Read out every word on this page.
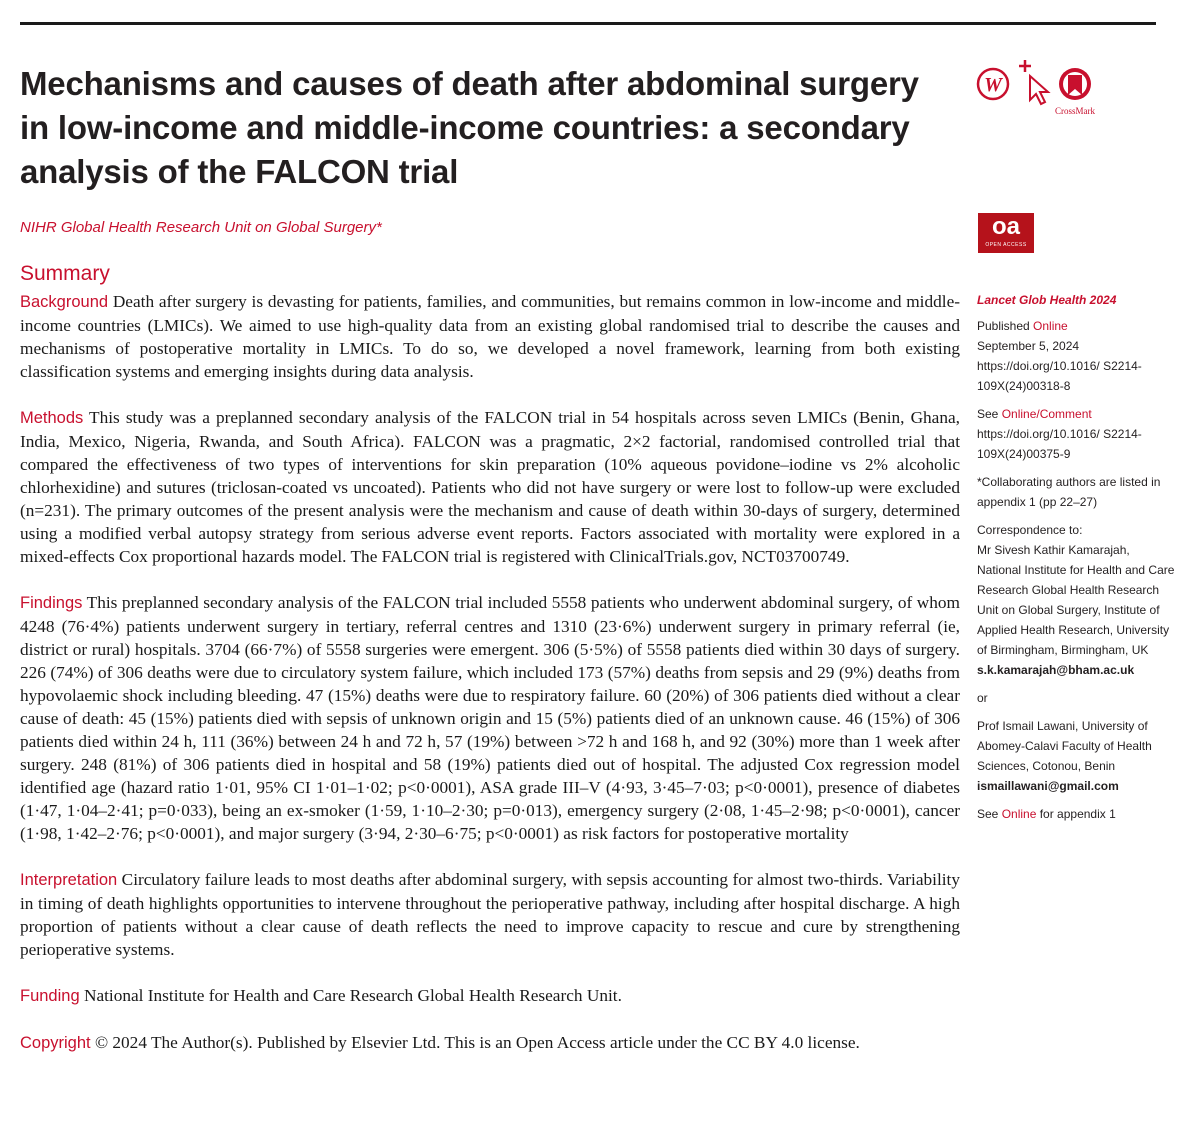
Mechanisms and causes of death after abdominal surgery in low-income and middle-income countries: a secondary analysis of the FALCON trial
NIHR Global Health Research Unit on Global Surgery*
W
CrossMark
oa
OPEN ACCESS
Summary

Background Death after surgery is devasting for patients, families, and communities, but remains common in low-income and middle-income countries (LMICs). We aimed to use high-quality data from an existing global randomised trial to describe the causes and mechanisms of postoperative mortality in LMICs. To do so, we developed a novel framework, learning from both existing classification systems and emerging insights during data analysis.

Methods This study was a preplanned secondary analysis of the FALCON trial in 54 hospitals across seven LMICs (Benin, Ghana, India, Mexico, Nigeria, Rwanda, and South Africa). FALCON was a pragmatic, 2×2 factorial, randomised controlled trial that compared the effectiveness of two types of interventions for skin preparation (10% aqueous povidone–iodine vs 2% alcoholic chlorhexidine) and sutures (triclosan-coated vs uncoated). Patients who did not have surgery or were lost to follow-up were excluded (n=231). The primary outcomes of the present analysis were the mechanism and cause of death within 30-days of surgery, determined using a modified verbal autopsy strategy from serious adverse event reports. Factors associated with mortality were explored in a mixed-effects Cox proportional hazards model. The FALCON trial is registered with ClinicalTrials.gov, NCT03700749.

Findings This preplanned secondary analysis of the FALCON trial included 5558 patients who underwent abdominal surgery, of whom 4248 (76·4%) patients underwent surgery in tertiary, referral centres and 1310 (23·6%) underwent surgery in primary referral (ie, district or rural) hospitals. 3704 (66·7%) of 5558 surgeries were emergent. 306 (5·5%) of 5558 patients died within 30 days of surgery. 226 (74%) of 306 deaths were due to circulatory system failure, which included 173 (57%) deaths from sepsis and 29 (9%) deaths from hypovolaemic shock including bleeding. 47 (15%) deaths were due to respiratory failure. 60 (20%) of 306 patients died without a clear cause of death: 45 (15%) patients died with sepsis of unknown origin and 15 (5%) patients died of an unknown cause. 46 (15%) of 306 patients died within 24 h, 111 (36%) between 24 h and 72 h, 57 (19%) between >72 h and 168 h, and 92 (30%) more than 1 week after surgery. 248 (81%) of 306 patients died in hospital and 58 (19%) patients died out of hospital. The adjusted Cox regression model identified age (hazard ratio 1·01, 95% CI 1·01–1·02; p<0·0001), ASA grade III–V (4·93, 3·45–7·03; p<0·0001), presence of diabetes (1·47, 1·04–2·41; p=0·033), being an ex-smoker (1·59, 1·10–2·30; p=0·013), emergency surgery (2·08, 1·45–2·98; p<0·0001), cancer (1·98, 1·42–2·76; p<0·0001), and major surgery (3·94, 2·30–6·75; p<0·0001) as risk factors for postoperative mortality

Interpretation Circulatory failure leads to most deaths after abdominal surgery, with sepsis accounting for almost two-thirds. Variability in timing of death highlights opportunities to intervene throughout the perioperative pathway, including after hospital discharge. A high proportion of patients without a clear cause of death reflects the need to improve capacity to rescue and cure by strengthening perioperative systems.

Funding National Institute for Health and Care Research Global Health Research Unit.

Copyright © 2024 The Author(s). Published by Elsevier Ltd. This is an Open Access article under the CC BY 4.0 license.

Lancet Glob Health 2024

Published Online
September 5, 2024
https://doi.org/10.1016/ S2214-109X(24)00318-8

See Online/Comment
https://doi.org/10.1016/ S2214-109X(24)00375-9

*Collaborating authors are listed in appendix 1 (pp 22–27)

Correspondence to:
Mr Sivesh Kathir Kamarajah, National Institute for Health and Care Research Global Health Research Unit on Global Surgery, Institute of Applied Health Research, University of Birmingham, Birmingham, UK
s.k.kamarajah@bham.ac.uk

or

Prof Ismail Lawani, University of Abomey-Calavi Faculty of Health Sciences, Cotonou, Benin
ismaillawani@gmail.com

See Online for appendix 1
